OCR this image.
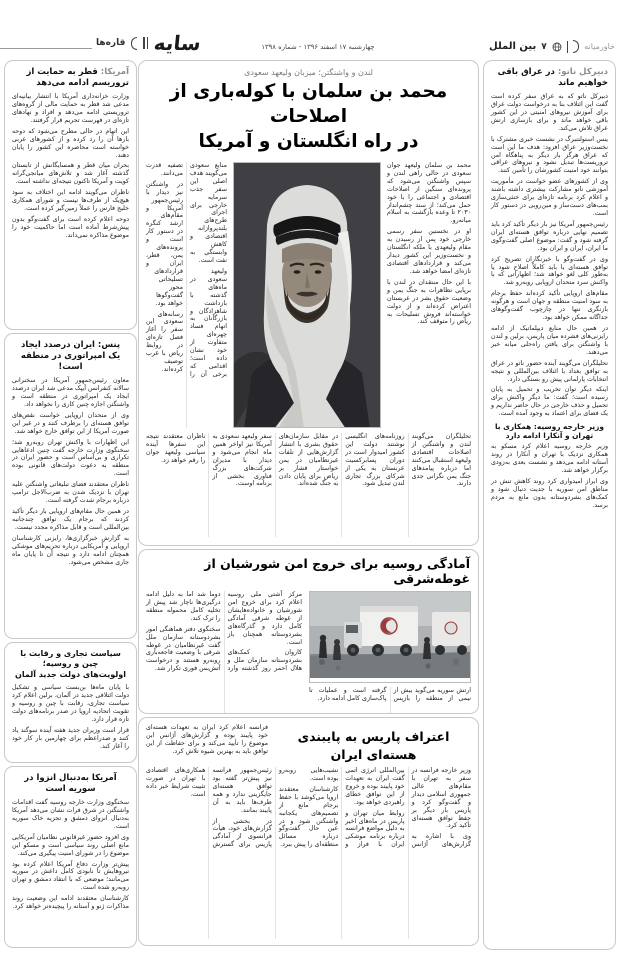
خاورمیانه
۷
بین الملل
چهارشنبه ۱۷ اسفند ۱۳۹۶ - شماره ۱۳۹۸
قاره‌ها سایه
دبیرکل ناتو: در عراق باقی خواهیم ماند

دبیرکل ناتو که به عراق سفر کرده است گفت این ائتلاف بنا به درخواست دولت عراق برای آموزش نیروهای امنیتی در این کشور باقی خواهد ماند و برای بازسازی ارتش عراق تلاش می‌کند.

ینس استولتنبرگ در نشست خبری مشترک با نخست‌وزیر عراق افزود: هدف ما این است که عراق هرگز بار دیگر به پناهگاه امن تروریست‌ها تبدیل نشود و نیروهای عراقی بتوانند خود امنیت کشورشان را تأمین کنند.

وی از کشورهای عضو خواست در مأموریت آموزشی ناتو مشارکت بیشتری داشته باشند و اعلام کرد برنامه تازه‌ای برای خنثی‌سازی بمب‌های دست‌ساز و مین‌روبی در دستور کار است.

رئیس‌جمهور آمریکا نیز بار دیگر تأکید کرد باید تصمیم نهایی درباره توافق هسته‌ای ایران گرفته شود و گفت: موضوع اصلی گفت‌وگوی ما ایران، ایران و ایران بود.

وی در گفت‌وگو با خبرنگاران تصریح کرد توافق هسته‌ای یا باید کاملاً اصلاح شود یا به‌طور کلی لغو خواهد شد؛ اظهاراتی که با واکنش سرد متحدان اروپایی روبه‌رو شد.

مقام‌های اروپایی تأکید کرده‌اند حفظ برجام به سود امنیت منطقه و جهان است و هرگونه بازنگری تنها در چارچوب گفت‌وگوهای جداگانه ممکن خواهد بود.

در همین حال منابع دیپلماتیک از ادامه رایزنی‌های فشرده میان پاریس، برلین و لندن با واشنگتن برای یافتن راه‌حلی میانه خبر می‌دهند.

تحلیلگران می‌گویند آینده حضور ناتو در عراق به توافق بغداد با ائتلاف بین‌المللی و نتیجه انتخابات پارلمانی پیش رو بستگی دارد.

اینکه دیگر توان تخریب و تحمیل به پایان رسیده است؛ گفت: ما دیگر واکنش برای تحمیل و حذف خارجی در حال حاضر نداریم و یک فضای برای اعتماد به وجود آمده است.

وزیر خارجه روسیه: همکاری با تهران و آنکارا ادامه دارد

وزیر خارجه روسیه اعلام کرد مسکو به همکاری نزدیک با تهران و آنکارا در روند آستانه ادامه می‌دهد و نشست بعدی به‌زودی برگزار خواهد شد.

وی ابراز امیدواری کرد روند کاهش تنش در مناطق امن سوریه با جدیت دنبال شود و کمک‌های بشردوستانه بدون مانع به مردم برسد.

لندن و واشنگتن؛ میزبان ولیعهد سعودی
محمد بن سلمان با کوله‌باری از اصلاحات
در راه انگلستان و آمریکا

محمد بن سلمان ولیعهد جوان سعودی در حالی راهی لندن و سپس واشنگتن می‌شود که پرونده‌ای سنگین از اصلاحات اقتصادی و اجتماعی را با خود حمل می‌کند؛ از سند چشم‌انداز ۲۰۳۰ تا وعده بازگشت به اسلام میانه‌رو.

او در نخستین سفر رسمی خارجی خود پس از رسیدن به مقام ولیعهدی با ملکه انگلستان و نخست‌وزیر این کشور دیدار می‌کند و قراردادهای اقتصادی تازه‌ای امضا خواهد شد.

با این حال منتقدان در لندن با برپایی تظاهرات به جنگ یمن و وضعیت حقوق بشر در عربستان اعتراض کرده‌اند و از دولت خواسته‌اند فروش تسلیحات به ریاض را متوقف کند.

منابع سعودی می‌گویند هدف اصلی این سفر جذب سرمایه خارجی برای اجرای طرح‌های بلندپروازانه اقتصادی و کاهش وابستگی به نفت است.

ولیعهد سعودی در ماه‌های گذشته با بازداشت شاهزادگان و بازرگانان به اتهام فساد چهره‌ای متفاوت از خود نشان داده است؛ اقدامی که برخی آن را تصفیه قدرت می‌دانند.

در واشنگتن نیز دیدار با رئیس‌جمهور آمریکا و مقام‌های ارشد کنگره در دستور کار است و پرونده‌های یمن، قطر، ایران و قراردادهای تسلیحاتی محور گفت‌وگوها خواهد بود.

رسانه‌های سعودی این سفر را آغاز فصل تازه‌ای در روابط ریاض با غرب توصیف کرده‌اند.

تحلیلگران می‌گویند لندن و واشنگتن از اصلاحات اقتصادی ولیعهد استقبال می‌کنند اما درباره پیامدهای جنگ یمن نگرانی جدی دارند.

روزنامه‌های انگلیسی نوشتند دولت این کشور امیدوار است در دوران پسابرکسیت عربستان به یکی از شرکای بزرگ تجاری لندن تبدیل شود.

در مقابل سازمان‌های حقوق بشری با انتشار گزارش‌هایی از تلفات غیرنظامیان در یمن خواستار فشار بر ریاض برای پایان دادن به جنگ شده‌اند.

سفر ولیعهد سعودی به آمریکا نیز اواخر همین ماه انجام می‌شود و دیدار با مدیران شرکت‌های بزرگ فناوری بخشی از برنامه اوست.

ناظران معتقدند نتیجه این سفرها آینده سیاسی ولیعهد جوان را رقم خواهد زد.

آمادگی روسیه برای خروج امن شورشیان از غوطه‌شرقی

ارتش سوریه می‌گوید بیش از نیمی از منطقه را بازپس گرفته است و عملیات تا پاک‌سازی کامل ادامه دارد.

مرکز آشتی ملی روسیه اعلام کرد برای خروج امن شورشیان و خانواده‌هایشان از غوطه شرقی آمادگی کامل دارد و گذرگاه‌های بشردوستانه همچنان باز است.

کاروان کمک‌های بشردوستانه سازمان ملل و هلال احمر روز گذشته وارد دوما شد اما به دلیل ادامه درگیری‌ها ناچار شد پیش از تخلیه کامل محموله منطقه را ترک کند.

سخنگوی دفتر هماهنگی امور بشردوستانه سازمان ملل گفت غیرنظامیان در غوطه شرقی با وضعیت فاجعه‌باری روبه‌رو هستند و درخواست آتش‌بس فوری تکرار شد.

اعتراف پاریس به پایبندی هسته‌ای ایران

فرانسه اعلام کرد ایران به تعهدات هسته‌ای خود پایبند بوده و گزارش‌های آژانس این موضوع را تأیید می‌کند و برای حفاظت از این توافق باید به بهترین شیوه تلاش کرد.

وزیر خارجه فرانسه در سفر به تهران با مقام‌های عالی جمهوری اسلامی دیدار و گفت‌وگو کرد و پاریس بار دیگر بر حفظ توافق هسته‌ای تأکید کرد.

وی با اشاره به گزارش‌های آژانس بین‌المللی انرژی اتمی گفت ایران به تعهدات خود پایبند بوده و خروج از این توافق خطای راهبردی خواهد بود.

روابط میان تهران و پاریس در ماه‌های اخیر به دلیل مواضع فرانسه درباره برنامه موشکی ایران با فراز و نشیب‌هایی روبه‌رو بوده است.

کارشناسان معتقدند اروپا می‌کوشد با حفظ برجام مانع از تصمیم‌های یکجانبه واشنگتن شود و در عین حال گفت‌وگو درباره مسائل منطقه‌ای را پیش ببرد.

رئیس‌جمهور فرانسه نیز پیش‌تر گفته بود توافق هسته‌ای جایگزینی ندارد و همه طرف‌ها باید به آن پایبند بمانند.

در بخشی از گزارش‌های خود، هیأت فرانسوی از آمادگی پاریس برای گسترش همکاری‌های اقتصادی با تهران در صورت تثبیت شرایط خبر داده است.

آمریکا: قطر به حمایت از تروریسم ادامه می‌دهد

وزارت خزانه‌داری آمریکا با انتشار بیانیه‌ای مدعی شد قطر به حمایت مالی از گروه‌های تروریستی ادامه می‌دهد و افراد و نهادهای تازه‌ای در فهرست تحریم قرار گرفتند.

این اتهام در حالی مطرح می‌شود که دوحه بارها آن را رد کرده و از کشورهای عربی خواسته است محاصره این کشور را پایان دهند.

بحران میان قطر و همسایگانش از تابستان گذشته آغاز شد و تلاش‌های میانجی‌گرانه کویت و آمریکا تاکنون نتیجه‌ای نداشته است.

ناظران می‌گویند ادامه این اختلاف به سود هیچ‌یک از طرف‌ها نیست و شورای همکاری خلیج فارس را عملاً زمین‌گیر کرده است.

دوحه اعلام کرده است برای گفت‌وگو بدون پیش‌شرط آماده است اما حاکمیت خود را موضوع مذاکره نمی‌داند.

پنس: ایران درصدد ایجاد
یک امپراتوری در منطقه است!

معاون رئیس‌جمهور آمریکا در سخنرانی سالانه کنفرانس آیپک مدعی شد ایران درصدد ایجاد یک امپراتوری در منطقه است و واشنگتن اجازه چنین کاری را نخواهد داد.

وی از متحدان اروپایی خواست نقص‌های توافق هسته‌ای را برطرف کنند و در غیر این صورت آمریکا از این توافق خارج خواهد شد.

این اظهارات با واکنش تهران روبه‌رو شد؛ سخنگوی وزارت خارجه گفت چنین ادعاهایی تکراری و بی‌اساس است و حضور ایران در منطقه به دعوت دولت‌های قانونی بوده است.

ناظران معتقدند فضای تبلیغاتی واشنگتن علیه تهران با نزدیک شدن به ضرب‌الاجل ترامپ درباره برجام شدت گرفته است.

در همین حال مقام‌های اروپایی بار دیگر تأکید کردند که برجام یک توافق چندجانبه بین‌المللی است و قابل مذاکره مجدد نیست.

به گزارش خبرگزاری‌ها، رایزنی کارشناسان اروپایی و آمریکایی درباره تحریم‌های موشکی همچنان ادامه دارد و نتیجه آن تا پایان ماه جاری مشخص می‌شود.

سیاست تجاری و رقابت با چین و روسیه؛
اولویت‌های دولت جدید آلمان

با پایان ماه‌ها بن‌بست سیاسی و تشکیل دولت ائتلافی جدید در آلمان، برلین اعلام کرد سیاست تجاری، رقابت با چین و روسیه و تقویت اتحادیه اروپا در صدر برنامه‌های دولت تازه قرار دارد.

قرار است وزیران جدید هفته آینده سوگند یاد کنند و صدراعظم برای چهارمین بار کار خود را آغاز کند.

آمریکا به‌دنبال انزوا در سوریه است

سخنگوی وزارت خارجه روسیه گفت اقدامات واشنگتن در شرق فرات نشان می‌دهد آمریکا به‌دنبال انزوای دمشق و تجزیه خاک سوریه است.

وی افزود حضور غیرقانونی نظامیان آمریکایی مانع اصلی روند سیاسی است و مسکو این موضوع را در شورای امنیت پیگیری می‌کند.

پیش‌تر وزارت دفاع آمریکا اعلام کرده بود نیروهایش تا نابودی کامل داعش در سوریه می‌مانند؛ موضعی که با انتقاد دمشق و تهران روبه‌رو شده است.

کارشناسان معتقدند ادامه این وضعیت روند مذاکرات ژنو و آستانه را پیچیده‌تر خواهد کرد.
